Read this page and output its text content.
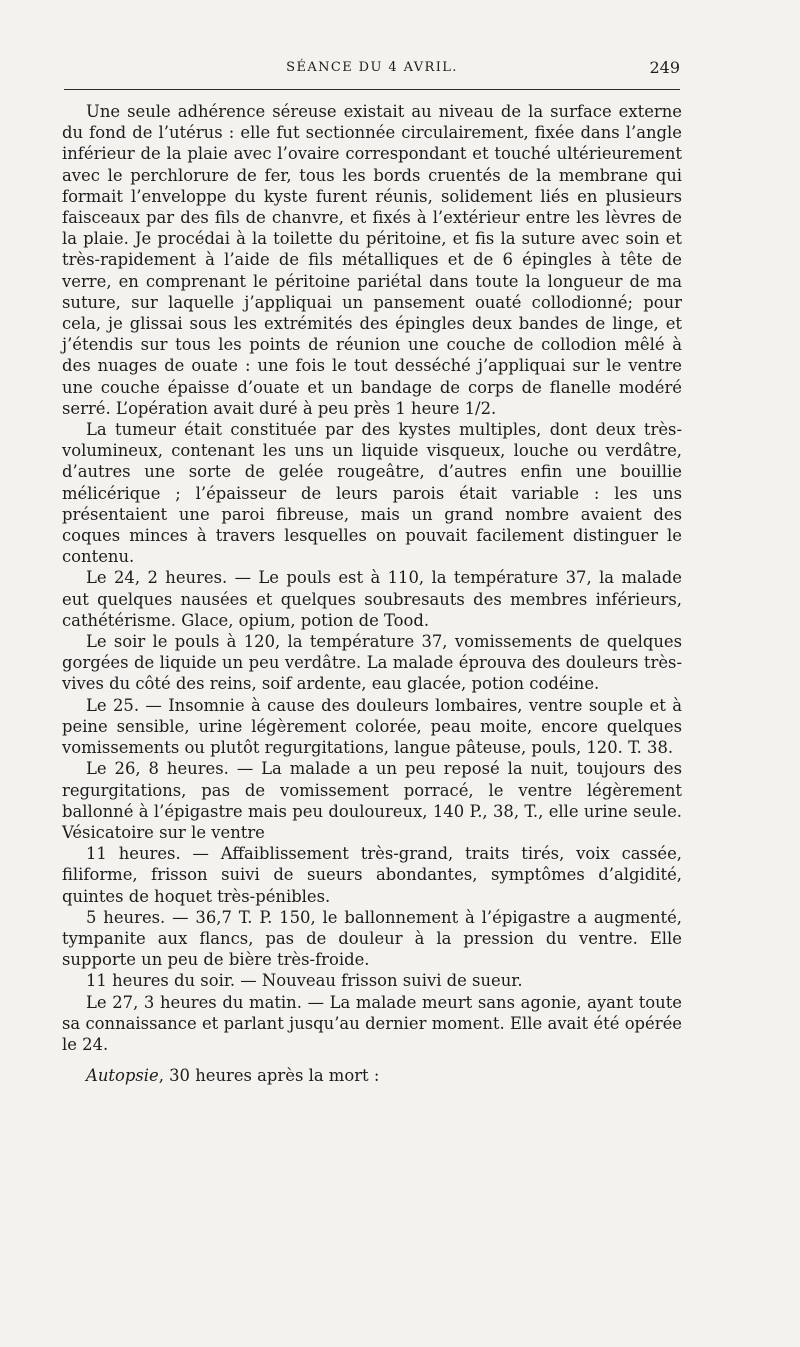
SÉANCE DU 4 AVRIL.	249

Une seule adhérence séreuse existait au niveau de la surface externe du fond de l’utérus : elle fut sectionnée circulairement, fixée dans l’angle inférieur de la plaie avec l’ovaire correspondant et touché ultérieurement avec le perchlorure de fer, tous les bords cruentés de la membrane qui formait l’enveloppe du kyste furent réunis, solidement liés en plusieurs faisceaux par des fils de chanvre, et fixés à l’extérieur entre les lèvres de la plaie. Je procédai à la toilette du péritoine, et fis la suture avec soin et très-rapidement à l’aide de fils métalliques et de 6 épingles à tête de verre, en comprenant le péritoine pariétal dans toute la longueur de ma suture, sur laquelle j’appliquai un pansement ouaté collodionné; pour cela, je glissai sous les extrémités des épingles deux bandes de linge, et j’étendis sur tous les points de réunion une couche de collodion mêlé à des nuages de ouate : une fois le tout desséché j’appliquai sur le ventre une couche épaisse d’ouate et un bandage de corps de flanelle modéré serré. L’opération avait duré à peu près 1 heure 1/2.

La tumeur était constituée par des kystes multiples, dont deux très-volumineux, contenant les uns un liquide visqueux, louche ou verdâtre, d’autres une sorte de gelée rougeâtre, d’autres enfin une bouillie mélicérique ; l’épaisseur de leurs parois était variable : les uns présentaient une paroi fibreuse, mais un grand nombre avaient des coques minces à travers lesquelles on pouvait facilement distinguer le contenu.

Le 24, 2 heures. — Le pouls est à 110, la température 37, la malade eut quelques nausées et quelques soubresauts des membres inférieurs, cathétérisme. Glace, opium, potion de Tood.

Le soir le pouls à 120, la température 37, vomissements de quelques gorgées de liquide un peu verdâtre. La malade éprouva des douleurs très-vives du côté des reins, soif ardente, eau glacée, potion codéine.

Le 25. — Insomnie à cause des douleurs lombaires, ventre souple et à peine sensible, urine légèrement colorée, peau moite, encore quelques vomissements ou plutôt regurgitations, langue pâteuse, pouls, 120. T. 38.

Le 26, 8 heures. — La malade a un peu reposé la nuit, toujours des regurgitations, pas de vomissement porracé, le ventre légèrement ballonné à l’épigastre mais peu douloureux, 140 P., 38, T., elle urine seule. Vésicatoire sur le ventre

11 heures. — Affaiblissement très-grand, traits tirés, voix cassée, filiforme, frisson suivi de sueurs abondantes, symptômes d’algidité, quintes de hoquet très-pénibles.

5 heures. — 36,7 T. P. 150, le ballonnement à l’épigastre a augmenté, tympanite aux flancs, pas de douleur à la pression du ventre. Elle supporte un peu de bière très-froide.

11 heures du soir. — Nouveau frisson suivi de sueur.

Le 27, 3 heures du matin. — La malade meurt sans agonie, ayant toute sa connaissance et parlant jusqu’au dernier moment. Elle avait été opérée le 24.

Autopsie, 30 heures après la mort :
